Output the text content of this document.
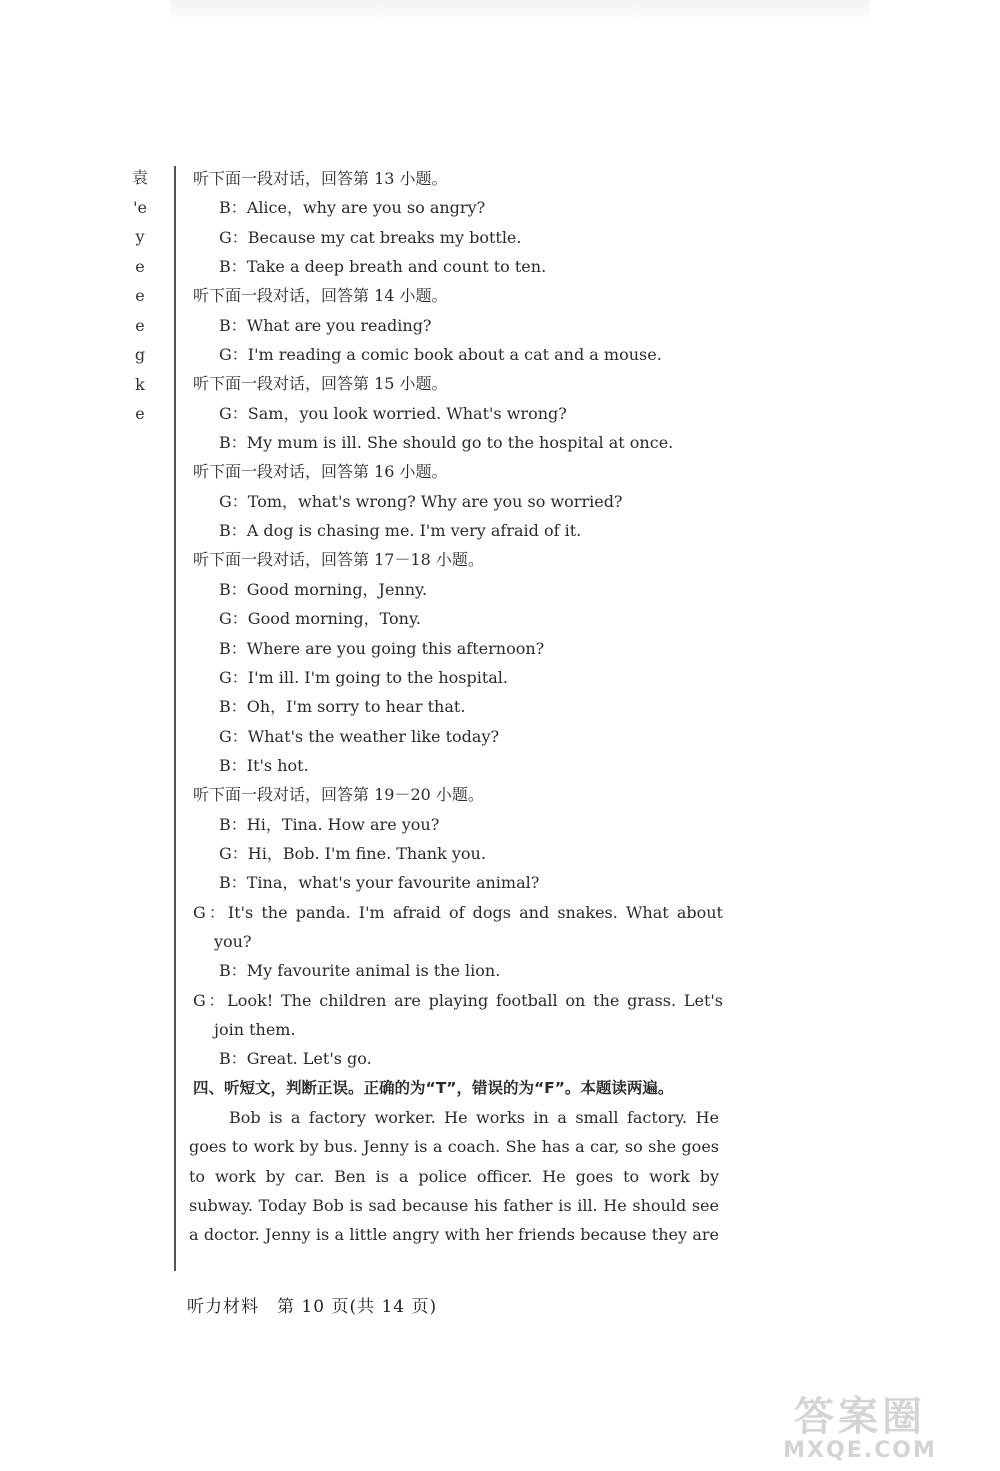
袁
'e
y
e
e
e
g
k
e
听下面一段对话，回答第 13 小题。
B：Alice，why are you so angry?
G：Because my cat breaks my bottle.
B：Take a deep breath and count to ten.
听下面一段对话，回答第 14 小题。
B：What are you reading?
G：I'm reading a comic book about a cat and a mouse.
听下面一段对话，回答第 15 小题。
G：Sam，you look worried. What's wrong?
B：My mum is ill. She should go to the hospital at once.
听下面一段对话，回答第 16 小题。
G：Tom，what's wrong? Why are you so worried?
B：A dog is chasing me. I'm very afraid of it.
听下面一段对话，回答第 17－18 小题。
B：Good morning，Jenny.
G：Good morning，Tony.
B：Where are you going this afternoon?
G：I'm ill. I'm going to the hospital.
B：Oh，I'm sorry to hear that.
G：What's the weather like today?
B：It's hot.
听下面一段对话，回答第 19－20 小题。
B：Hi，Tina. How are you?
G：Hi，Bob. I'm fine. Thank you.
B：Tina，what's your favourite animal?
G：It's the panda. I'm afraid of dogs and snakes. What about you?
B：My favourite animal is the lion.
G：Look! The children are playing football on the grass. Let's join them.
B：Great. Let's go.
四、听短文，判断正误。正确的为“T”，错误的为“F”。本题读两遍。
Bob is a factory worker. He works in a small factory. He goes to work by bus. Jenny is a coach. She has a car, so she goes to work by car. Ben is a police officer. He goes to work by subway. Today Bob is sad because his father is ill. He should see a doctor. Jenny is a little angry with her friends because they are
听力材料　第 10 页(共 14 页)
答案圈
MXQE.COM
